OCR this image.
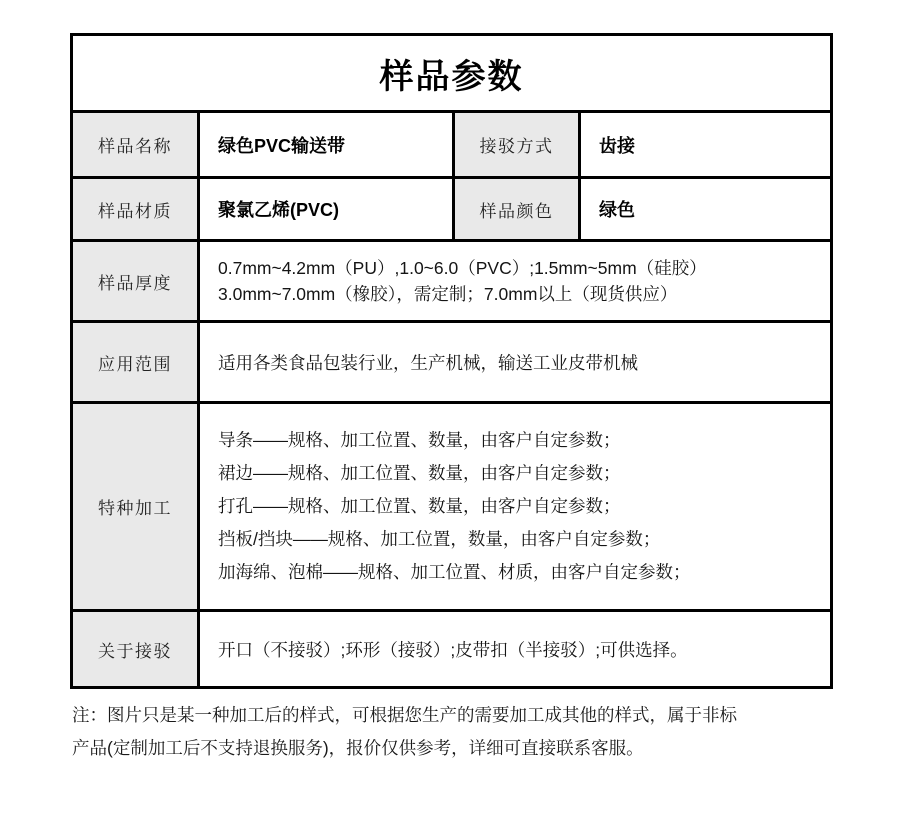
样品参数			
样品名称	绿色PVC输送带	接驳方式	齿接
样品材质	聚氯乙烯(PVC)	样品颜色	绿色
样品厚度	0.7mm~4.2mm（PU）,1.0~6.0（PVC）;1.5mm~5mm（硅胶）
3.0mm~7.0mm（橡胶），需定制；7.0mm以上（现货供应）		

应用范围	适用各类食品包装行业，生产机械，输送工业皮带机械		
特种加工	导条——规格、加工位置、数量，由客户自定参数；
裙边——规格、加工位置、数量，由客户自定参数；
打孔——规格、加工位置、数量，由客户自定参数；
挡板/挡块——规格、加工位置，数量，由客户自定参数；
加海绵、泡棉——规格、加工位置、材质，由客户自定参数；		

关于接驳	开口（不接驳）;环形（接驳）;皮带扣（半接驳）;可供选择。		
注：图片只是某一种加工后的样式，可根据您生产的需要加工成其他的样式，属于非标
产品(定制加工后不支持退换服务)，报价仅供参考，详细可直接联系客服。
